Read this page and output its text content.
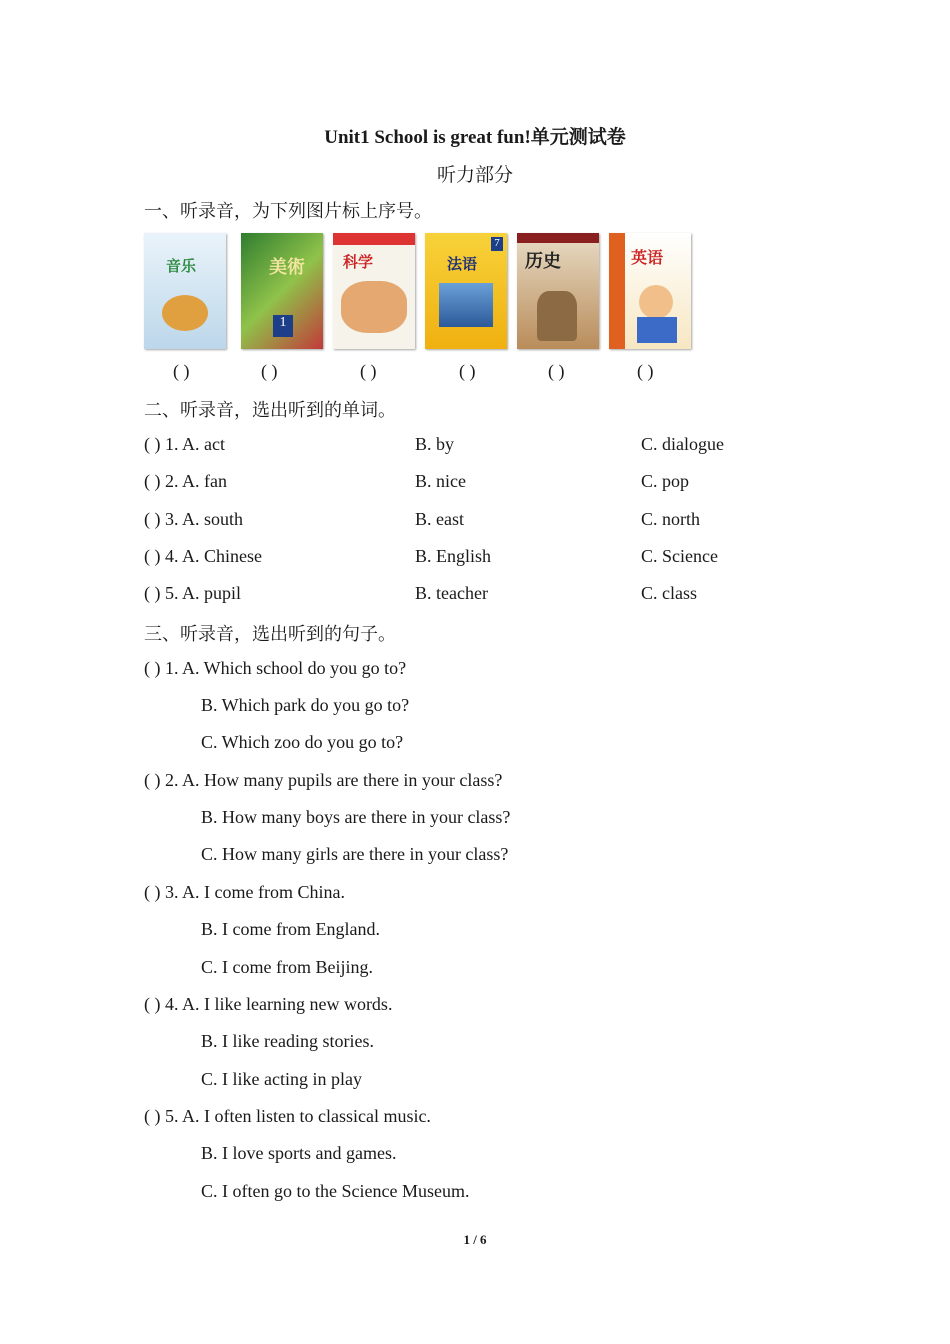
Unit1 School is great fun!单元测试卷
听力部分
一、听录音，为下列图片标上序号。
音乐	美術
1
科学	法语
7
历史	英语
( )	( )	( )	( )	( )	( )
二、听录音，选出听到的单词。
( ) 1. A. act	B. by	C. dialogue
( ) 2. A. fan	B. nice	C. pop
( ) 3. A. south	B. east	C. north
( ) 4. A. Chinese	B. English	C. Science
( ) 5. A. pupil	B. teacher	C. class
三、听录音，选出听到的句子。
( ) 1. A. Which school do you go to?
B. Which park do you go to?
C. Which zoo do you go to?
( ) 2. A. How many pupils are there in your class?
B. How many boys are there in your class?
C. How many girls are there in your class?
( ) 3. A. I come from China.
B. I come from England.
C. I come from Beijing.
( ) 4. A. I like learning new words.
B. I like reading stories.
C. I like acting in play
( ) 5. A. I often listen to classical music.
B. I love sports and games.
C. I often go to the Science Museum.
1 / 6
